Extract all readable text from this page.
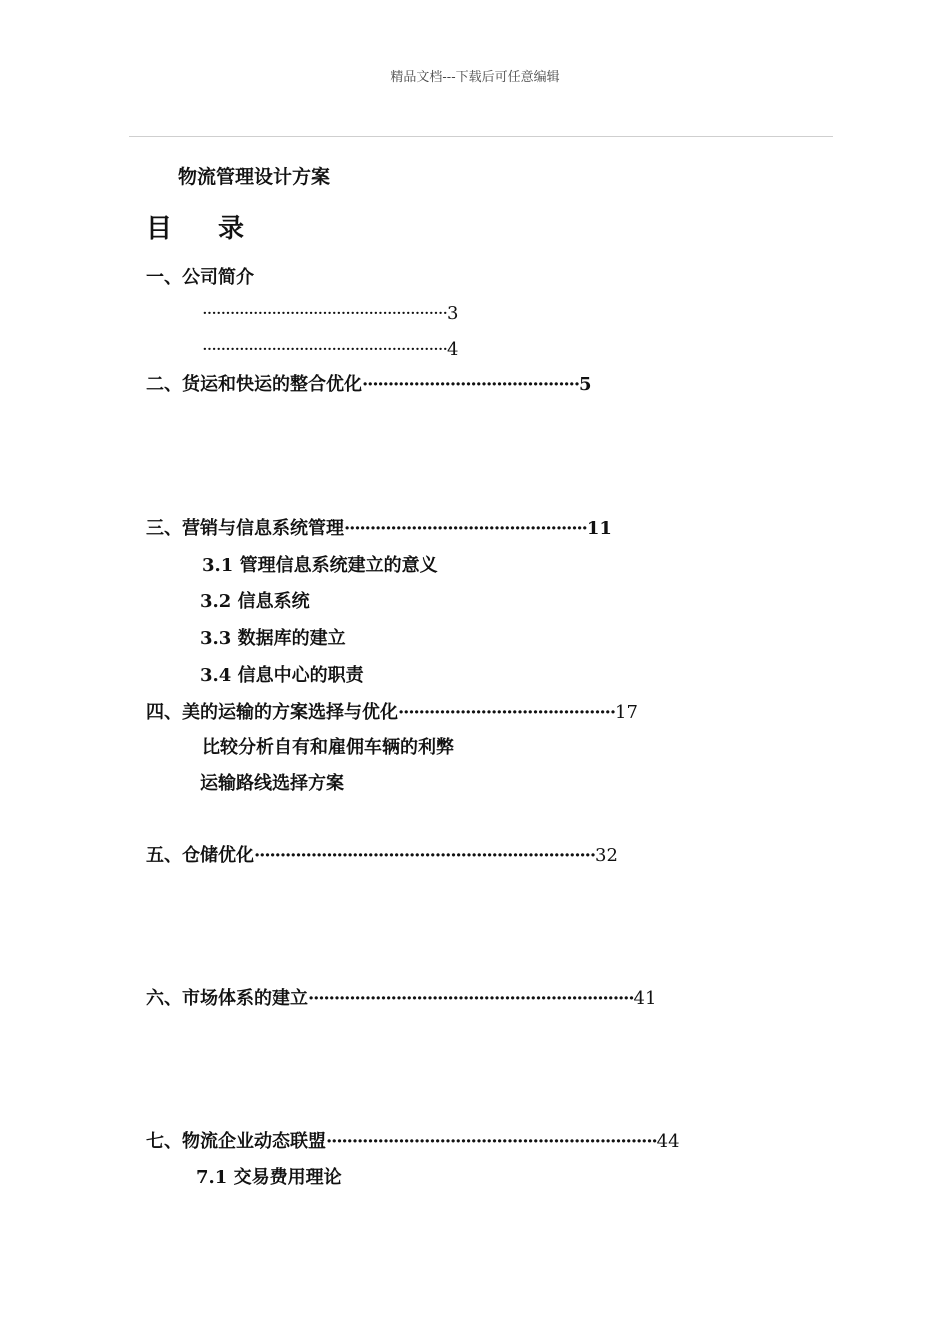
精品文档---下载后可任意编辑
物流管理设计方案
目 录
一、公司简介
·····················································3
·····················································4
二、货运和快运的整合优化··········································5
三、营销与信息系统管理···············································11
3.1 管理信息系统建立的意义
3.2 信息系统
3.3 数据库的建立
3.4 信息中心的职责
四、美的运输的方案选择与优化··········································17
比较分析自有和雇佣车辆的利弊
运输路线选择方案
五、仓储优化··································································32
六、市场体系的建立·······························································41
七、物流企业动态联盟································································44
7.1 交易费用理论
